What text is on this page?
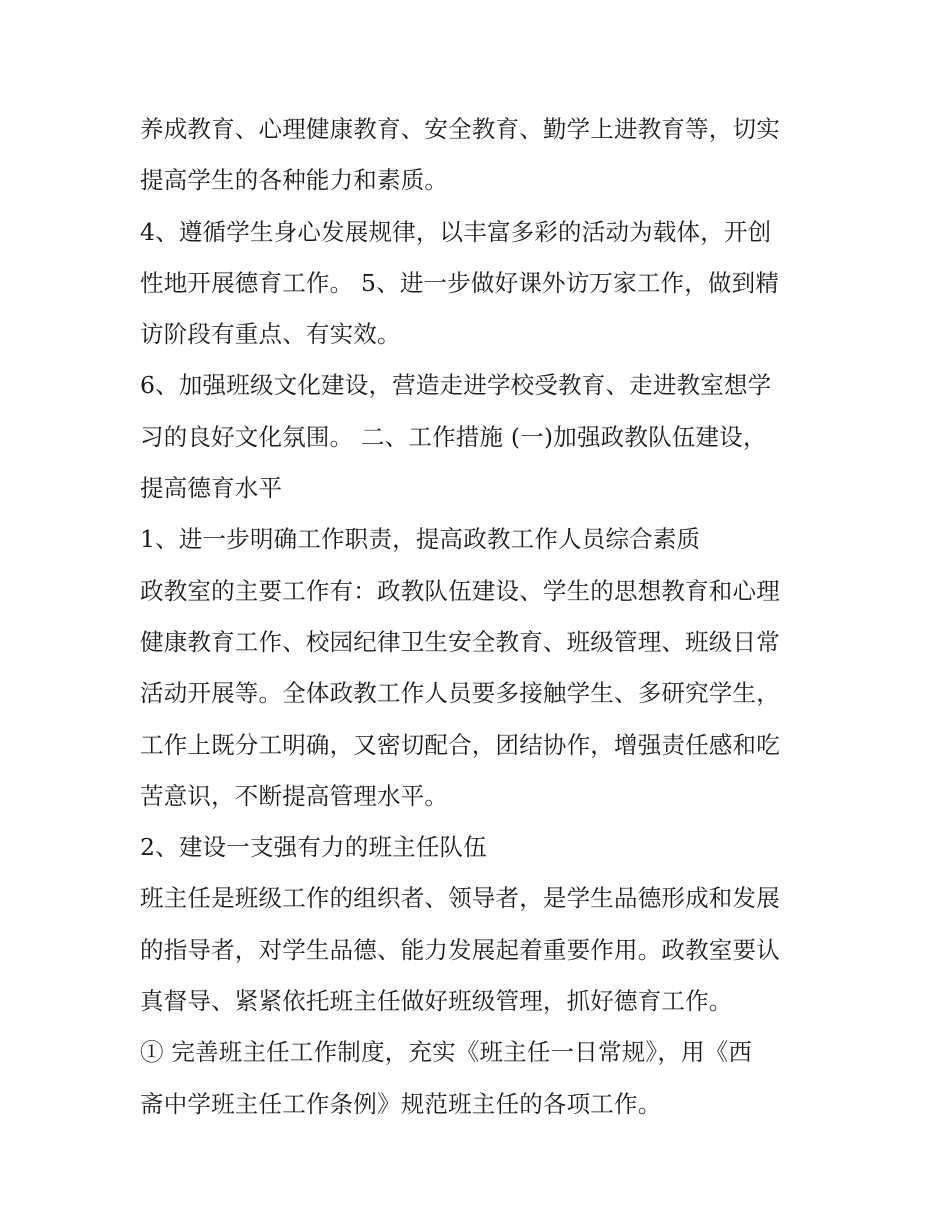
养成教育、心理健康教育、安全教育、勤学上进教育等，切实
提高学生的各种能力和素质。
4、遵循学生身心发展规律，以丰富多彩的活动为载体，开创
性地开展德育工作。 5、进一步做好课外访万家工作，做到精
访阶段有重点、有实效。
6、加强班级文化建设，营造走进学校受教育、走进教室想学
习的良好文化氛围。 二、工作措施 (一)加强政教队伍建设，
提高德育水平
1、进一步明确工作职责，提高政教工作人员综合素质
政教室的主要工作有：政教队伍建设、学生的思想教育和心理
健康教育工作、校园纪律卫生安全教育、班级管理、班级日常
活动开展等。全体政教工作人员要多接触学生、多研究学生，
工作上既分工明确，又密切配合，团结协作，增强责任感和吃
苦意识，不断提高管理水平。
2、建设一支强有力的班主任队伍
班主任是班级工作的组织者、领导者，是学生品德形成和发展
的指导者，对学生品德、能力发展起着重要作用。政教室要认
真督导、紧紧依托班主任做好班级管理，抓好德育工作。
① 完善班主任工作制度，充实《班主任一日常规》，用《西
斋中学班主任工作条例》规范班主任的各项工作。
